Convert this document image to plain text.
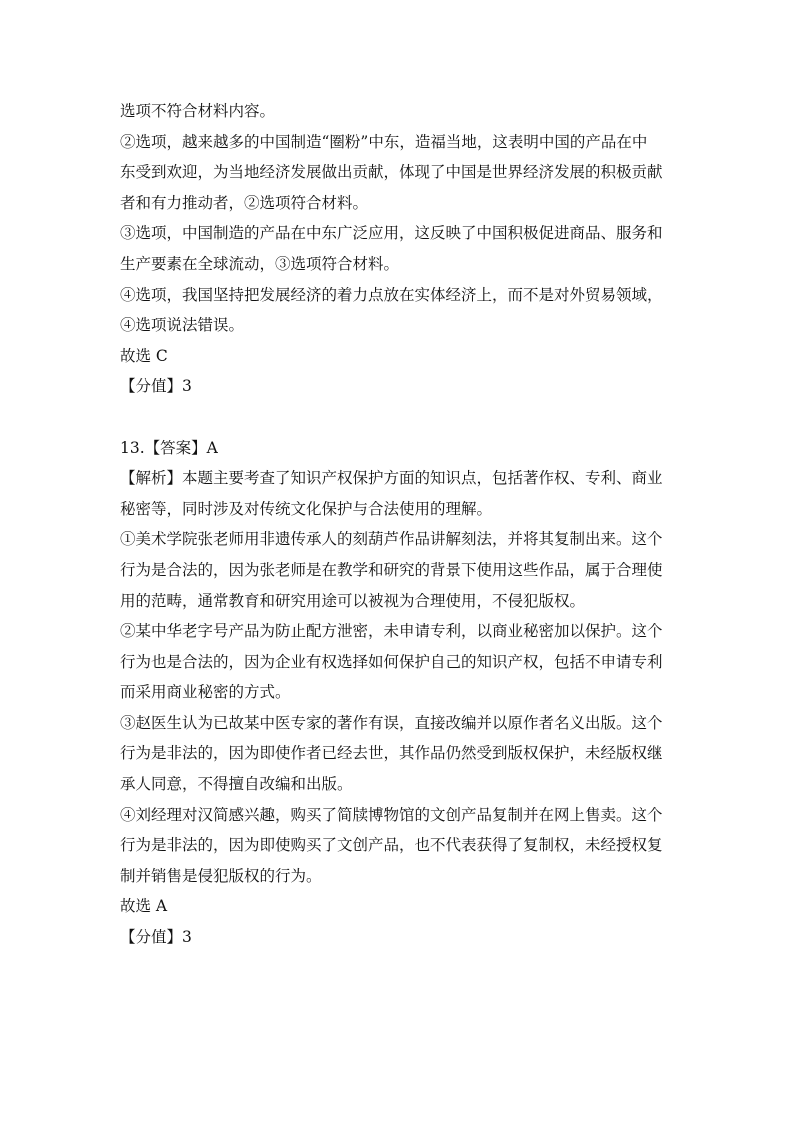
选项不符合材料内容。
②选项，越来越多的中国制造“圈粉”中东，造福当地，这表明中国的产品在中
东受到欢迎，为当地经济发展做出贡献，体现了中国是世界经济发展的积极贡献
者和有力推动者，②选项符合材料。
③选项，中国制造的产品在中东广泛应用，这反映了中国积极促进商品、服务和
生产要素在全球流动，③选项符合材料。
④选项，我国坚持把发展经济的着力点放在实体经济上，而不是对外贸易领域，
④选项说法错误。
故选 C
【分值】3
13.【答案】A
【解析】本题主要考查了知识产权保护方面的知识点，包括著作权、专利、商业
秘密等，同时涉及对传统文化保护与合法使用的理解。
①美术学院张老师用非遗传承人的刻葫芦作品讲解刻法，并将其复制出来。这个
行为是合法的，因为张老师是在教学和研究的背景下使用这些作品，属于合理使
用的范畴，通常教育和研究用途可以被视为合理使用，不侵犯版权。
②某中华老字号产品为防止配方泄密，未申请专利，以商业秘密加以保护。这个
行为也是合法的，因为企业有权选择如何保护自己的知识产权，包括不申请专利
而采用商业秘密的方式。
③赵医生认为已故某中医专家的著作有误，直接改编并以原作者名义出版。这个
行为是非法的，因为即使作者已经去世，其作品仍然受到版权保护，未经版权继
承人同意，不得擅自改编和出版。
④刘经理对汉简感兴趣，购买了简牍博物馆的文创产品复制并在网上售卖。这个
行为是非法的，因为即使购买了文创产品，也不代表获得了复制权，未经授权复
制并销售是侵犯版权的行为。
故选 A
【分值】3
